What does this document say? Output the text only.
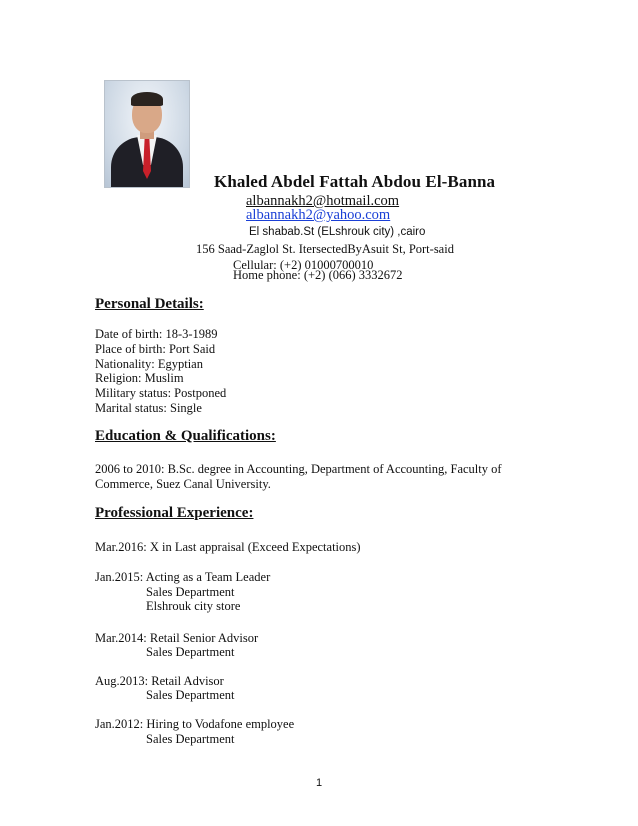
Khaled Abdel Fattah Abdou El-Banna
albannakh2@hotmail.com
albannakh2@yahoo.com
El shabab.St (ELshrouk city) ,cairo
156 Saad-Zaglol St. ItersectedByAsuit St, Port-said
Cellular: (+2) 01000700010
Home phone: (+2) (066) 3332672
Personal Details:
Date of birth: 18-3-1989
Place of birth: Port Said
Nationality: Egyptian
Religion: Muslim
Military status: Postponed
Marital status: Single
Education & Qualifications:
2006 to 2010: B.Sc. degree in Accounting, Department of Accounting, Faculty of
Commerce, Suez Canal University.
Professional Experience:
Mar.2016: X in Last appraisal (Exceed Expectations)
Jan.2015: Acting as a Team Leader
Sales Department
Elshrouk city store
Mar.2014: Retail Senior Advisor
Sales Department
Aug.2013: Retail Advisor
Sales Department
Jan.2012: Hiring to Vodafone employee
Sales Department
1
